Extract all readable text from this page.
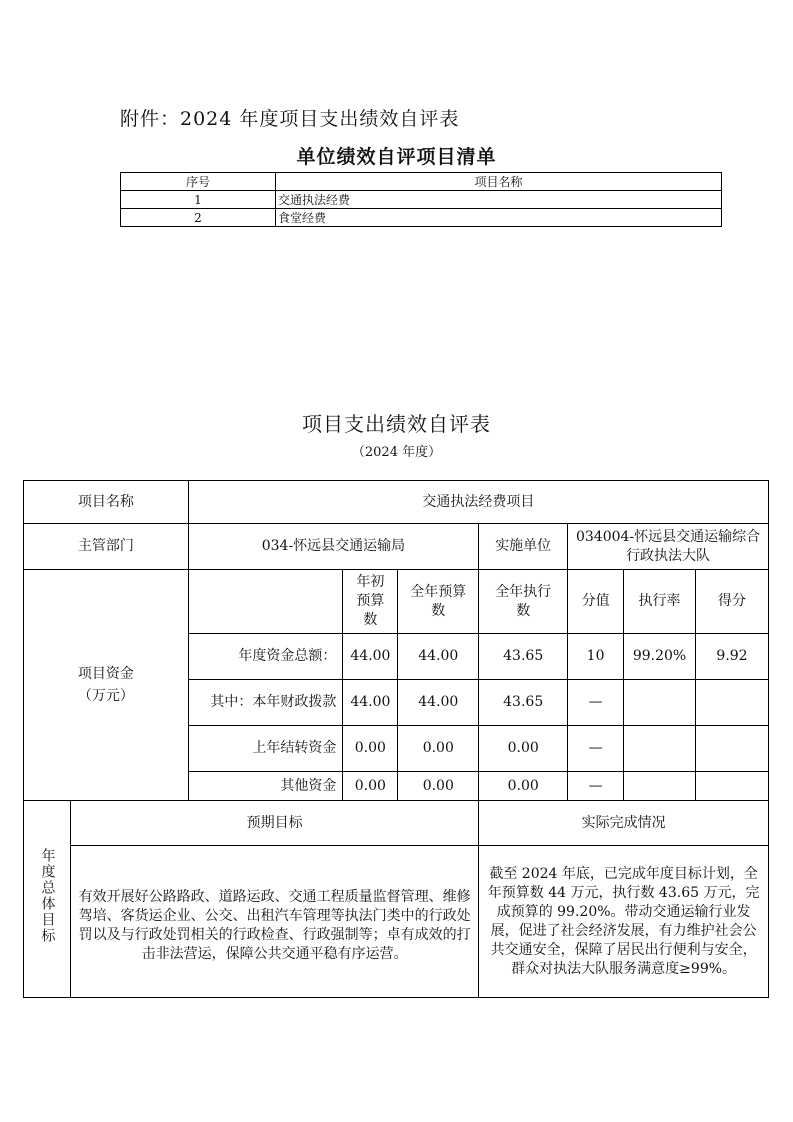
附件：2024 年度项目支出绩效自评表
单位绩效自评项目清单
序号	项目名称
1	交通执法经费
2	食堂经费
项目支出绩效自评表
（2024 年度）
项目名称		交通执法经费项目						
主管部门		034-怀远县交通运输局			实施单位	034004-怀远县交通运输综合行政执法大队		
项目资金
（万元）			年初预算数	全年预算数	全年执行数	分值	执行率	得分
		年度资金总额：	44.00	44.00	43.65	10	99.20%	9.92
		其中：本年财政拨款	44.00	44.00	43.65	—		
		上年结转资金	0.00	0.00	0.00	—		
		其他资金	0.00	0.00	0.00	—		
年度总体目标	预期目标				实际完成情况			
	有效开展好公路路政、道路运政、交通工程质量监督管理、维修驾培、客货运企业、公交、出租汽车管理等执法门类中的行政处罚以及与行政处罚相关的行政检查、行政强制等；卓有成效的打击非法营运，保障公共交通平稳有序运营。				截至 2024 年底，已完成年度目标计划，全年预算数 44 万元，执行数 43.65 万元，完成预算的 99.20%。带动交通运输行业发展，促进了社会经济发展，有力维护社会公共交通安全，保障了居民出行便利与安全，群众对执法大队服务满意度≥99%。			
